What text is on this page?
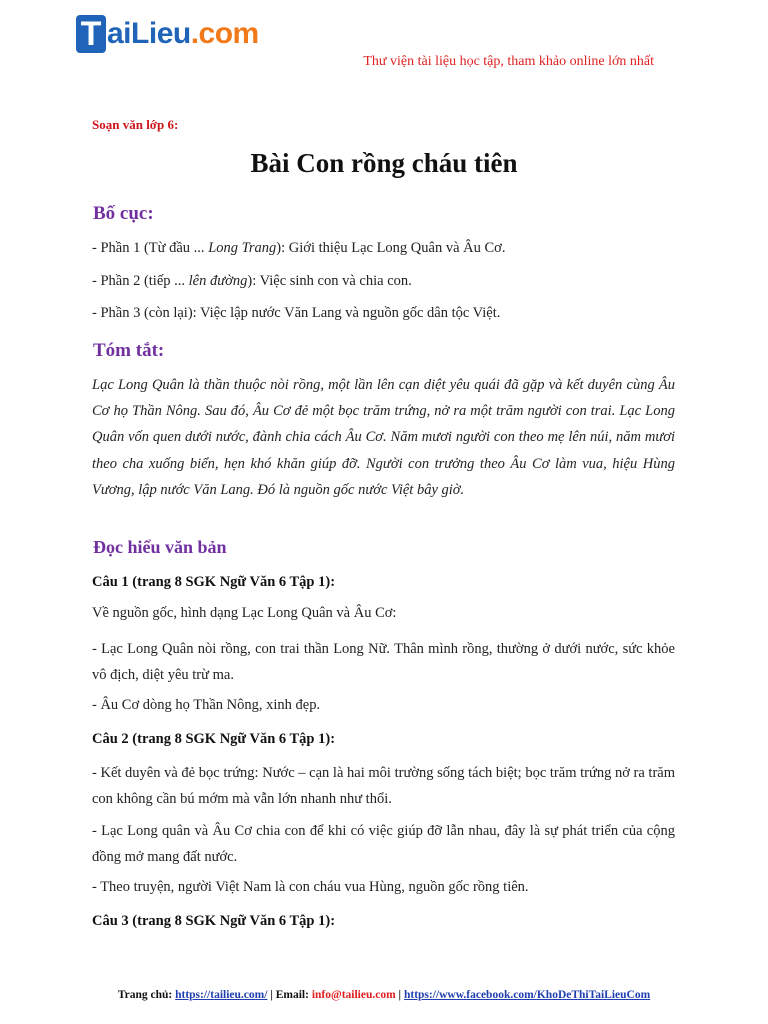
T aiLieu.com
Thư viện tài liệu học tập, tham khảo online lớn nhất
Soạn văn lớp 6:
Bài Con rồng cháu tiên
Bố cục:
- Phần 1 (Từ đầu ... Long Trang): Giới thiệu Lạc Long Quân và Âu Cơ.
- Phần 2 (tiếp ... lên đường): Việc sinh con và chia con.
- Phần 3 (còn lại): Việc lập nước Văn Lang và nguồn gốc dân tộc Việt.
Tóm tắt:
Lạc Long Quân là thần thuộc nòi rồng, một lần lên cạn diệt yêu quái đã gặp và kết duyên cùng Âu Cơ họ Thần Nông. Sau đó, Âu Cơ đẻ một bọc trăm trứng, nở ra một trăm người con trai. Lạc Long Quân vốn quen dưới nước, đành chia cách Âu Cơ. Năm mươi người con theo mẹ lên núi, năm mươi theo cha xuống biển, hẹn khó khăn giúp đỡ. Người con trưởng theo Âu Cơ làm vua, hiệu Hùng Vương, lập nước Văn Lang. Đó là nguồn gốc nước Việt bây giờ.
Đọc hiểu văn bản
Câu 1 (trang 8 SGK Ngữ Văn 6 Tập 1):
Về nguồn gốc, hình dạng Lạc Long Quân và Âu Cơ:
- Lạc Long Quân nòi rồng, con trai thần Long Nữ. Thân mình rồng, thường ở dưới nước, sức khỏe vô địch, diệt yêu trừ ma.
- Âu Cơ dòng họ Thần Nông, xinh đẹp.
Câu 2 (trang 8 SGK Ngữ Văn 6 Tập 1):
- Kết duyên và đẻ bọc trứng: Nước – cạn là hai môi trường sống tách biệt; bọc trăm trứng nở ra trăm con không cần bú mớm mà vẫn lớn nhanh như thổi.
- Lạc Long quân và Âu Cơ chia con để khi có việc giúp đỡ lẫn nhau, đây là sự phát triển của cộng đồng mở mang đất nước.
- Theo truyện, người Việt Nam là con cháu vua Hùng, nguồn gốc rồng tiên.
Câu 3 (trang 8 SGK Ngữ Văn 6 Tập 1):
Trang chủ: https://tailieu.com/ | Email: info@tailieu.com | https://www.facebook.com/KhoDeThiTaiLieuCom
